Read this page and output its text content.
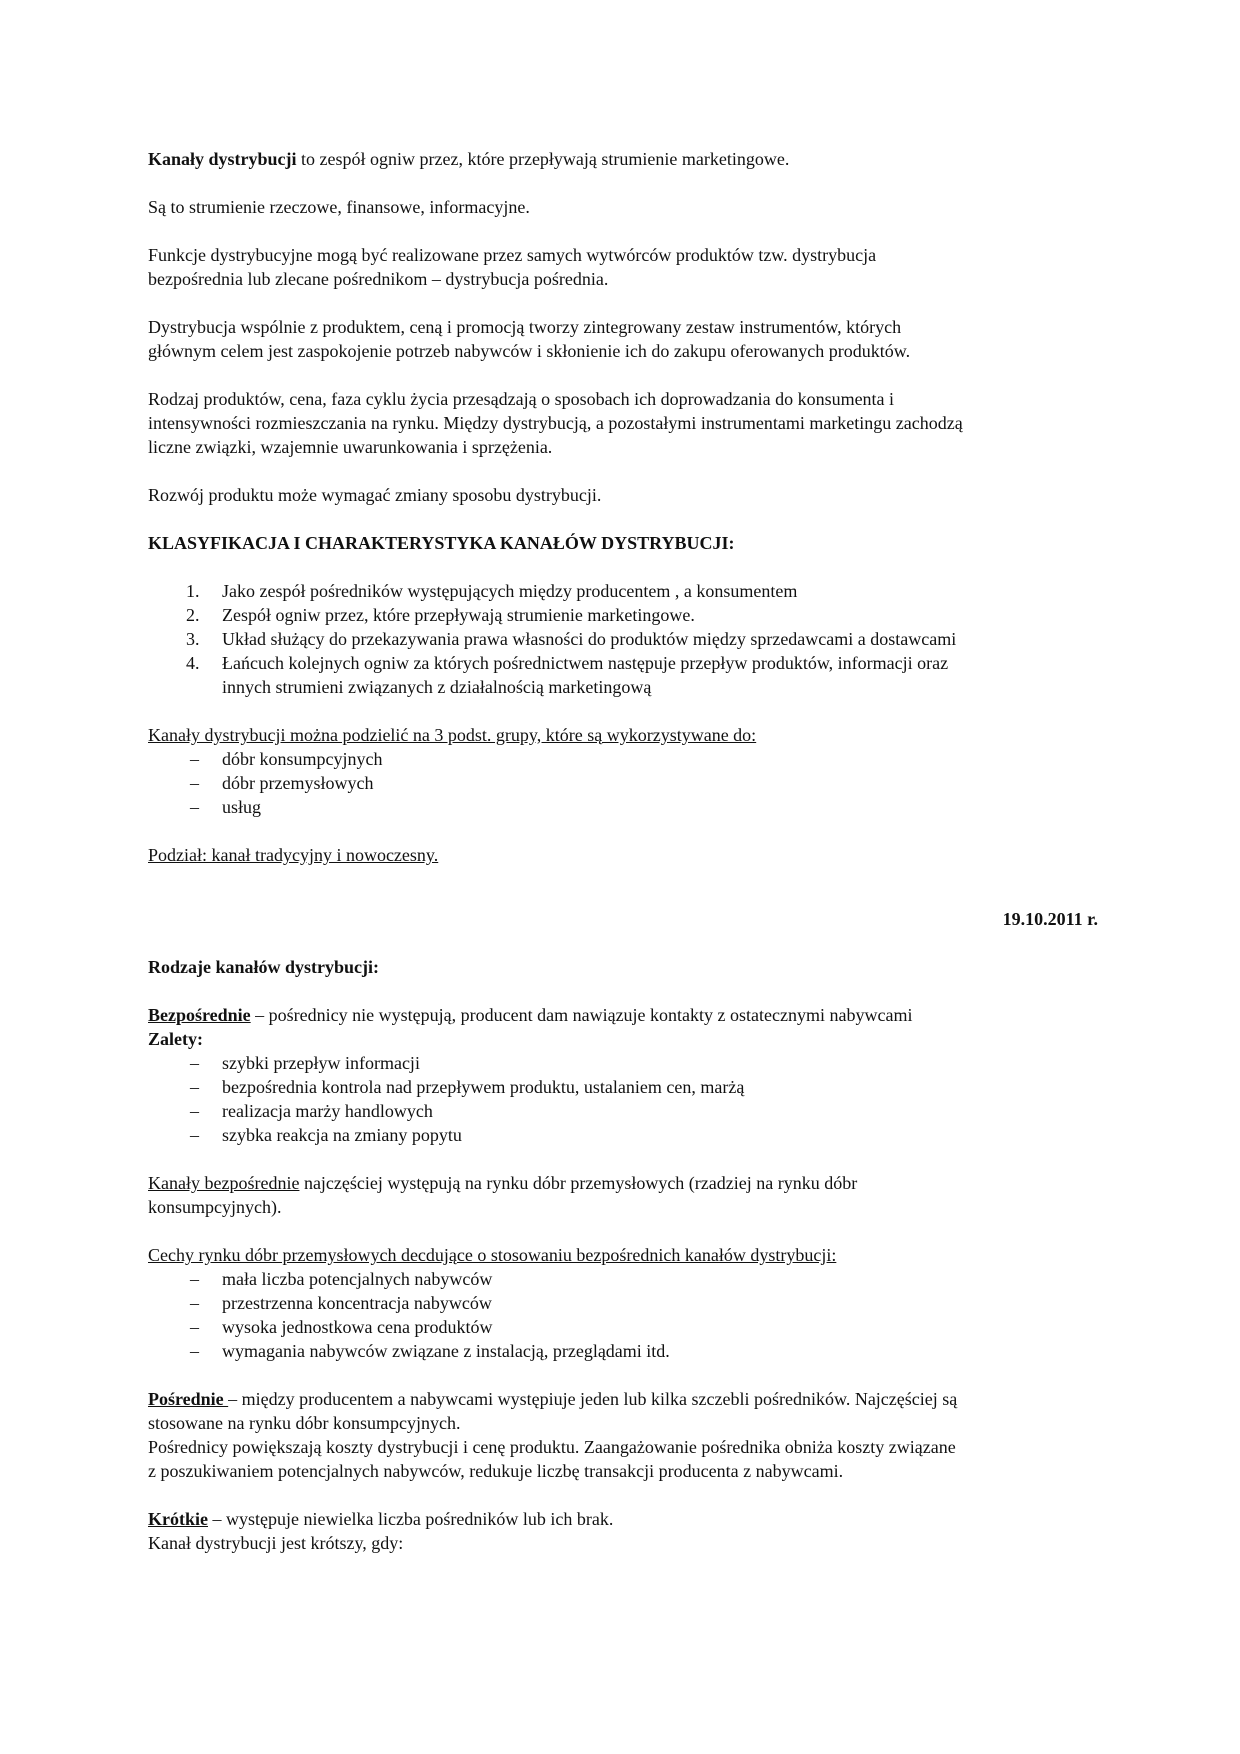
Kanały dystrybucji to zespół ogniw przez, które przepływają strumienie marketingowe.

Są to strumienie rzeczowe, finansowe, informacyjne.

Funkcje dystrybucyjne mogą być realizowane przez samych wytwórców produktów tzw. dystrybucja
bezpośrednia lub zlecane pośrednikom – dystrybucja pośrednia.
Dystrybucja wspólnie z produktem, ceną i promocją tworzy zintegrowany zestaw instrumentów, których
głównym celem jest zaspokojenie potrzeb nabywców i skłonienie ich do zakupu oferowanych produktów.
Rodzaj produktów, cena, faza cyklu życia przesądzają o sposobach ich doprowadzania do konsumenta i
intensywności rozmieszczania na rynku. Między dystrybucją, a pozostałymi instrumentami marketingu zachodzą
liczne związki, wzajemnie uwarunkowania i sprzężenia.

Rozwój produktu może wymagać zmiany sposobu dystrybucji.

KLASYFIKACJA I CHARAKTERYSTYKA KANAŁÓW DYSTRYBUCJI:

1. Jako zespół pośredników występujących między producentem , a konsumentem
2. Zespół ogniw przez, które przepływają strumienie marketingowe.
3. Układ służący do przekazywania prawa własności do produktów między sprzedawcami a dostawcami
4. Łańcuch kolejnych ogniw za których pośrednictwem następuje przepływ produktów, informacji oraz
innych strumieni związanych z działalnością marketingową

Kanały dystrybucji można podzielić na 3 podst. grupy, które są wykorzystywane do:

– dóbr konsumpcyjnych
– dóbr przemysłowych
– usług

Podział: kanał tradycyjny i nowoczesny.

19.10.2011 r.

Rodzaje kanałów dystrybucji:

Bezpośrednie – pośrednicy nie występują, producent dam nawiązuje kontakty z ostatecznymi nabywcami

Zalety:

– szybki przepływ informacji
– bezpośrednia kontrola nad przepływem produktu, ustalaniem cen, marżą
– realizacja marży handlowych
– szybka reakcja na zmiany popytu
Kanały bezpośrednie najczęściej występują na rynku dóbr przemysłowych (rzadziej na rynku dóbr
konsumpcyjnych).

Cechy rynku dóbr przemysłowych decdujące o stosowaniu bezpośrednich kanałów dystrybucji:

– mała liczba potencjalnych nabywców
– przestrzenna koncentracja nabywców
– wysoka jednostkowa cena produktów
– wymagania nabywców związane z instalacją, przeglądami itd.
Pośrednie – między producentem a nabywcami występiuje jeden lub kilka szczebli pośredników. Najczęściej są
stosowane na rynku dóbr konsumpcyjnych.
Pośrednicy powiększają koszty dystrybucji i cenę produktu. Zaangażowanie pośrednika obniża koszty związane
z poszukiwaniem potencjalnych nabywców, redukuje liczbę transakcji producenta z nabywcami.
Krótkie – występuje niewielka liczba pośredników lub ich brak.
Kanał dystrybucji jest krótszy, gdy:
